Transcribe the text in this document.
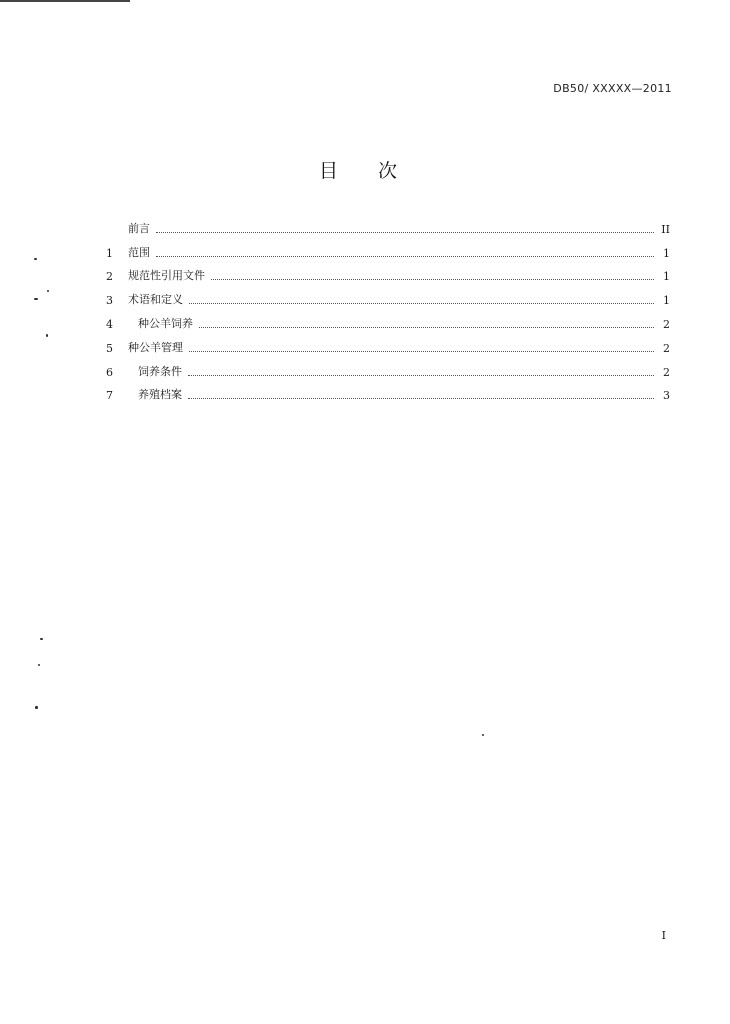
DB50/ XXXXX—2011
目次
前言	II
1	范围	1
2	规范性引用文件	1
3	术语和定义	1
4	种公羊饲养	2
5	种公羊管理	2
6	饲养条件	2
7	养殖档案	3
I
